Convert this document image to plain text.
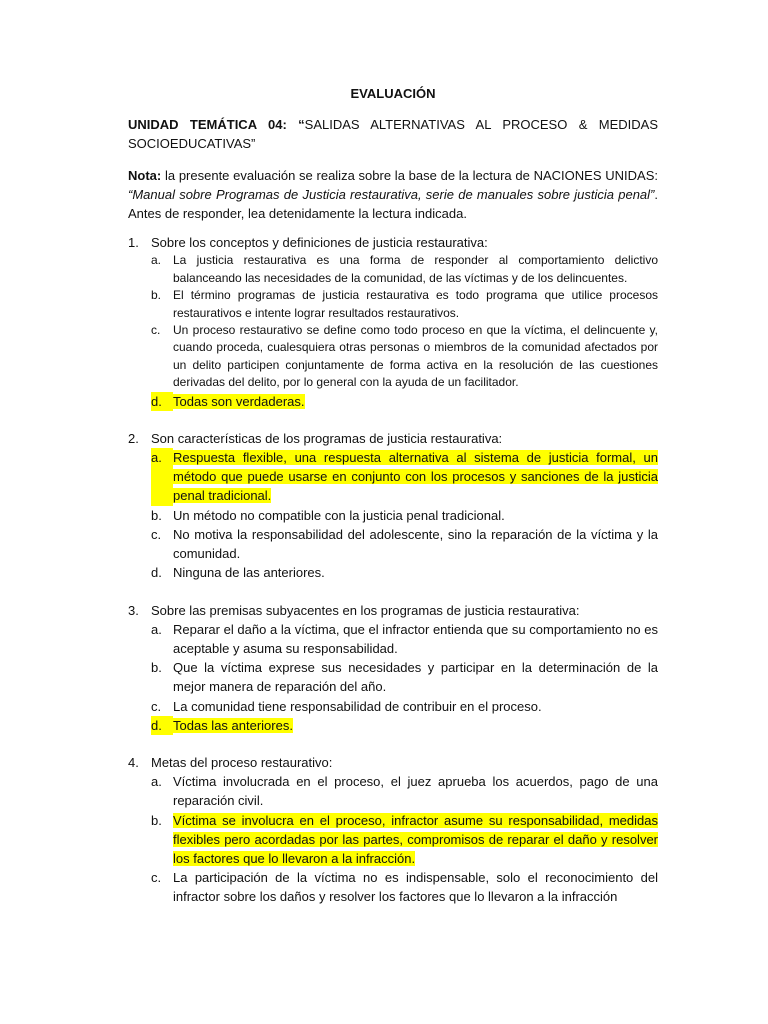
EVALUACIÓN
UNIDAD TEMÁTICA 04: “SALIDAS ALTERNATIVAS AL PROCESO & MEDIDAS SOCIOEDUCATIVAS”
Nota: la presente evaluación se realiza sobre la base de la lectura de NACIONES UNIDAS: “Manual sobre Programas de Justicia restaurativa, serie de manuales sobre justicia penal”. Antes de responder, lea detenidamente la lectura indicada.
1. Sobre los conceptos y definiciones de justicia restaurativa:
a. La justicia restaurativa es una forma de responder al comportamiento delictivo balanceando las necesidades de la comunidad, de las víctimas y de los delincuentes.
b. El término programas de justicia restaurativa es todo programa que utilice procesos restaurativos e intente lograr resultados restaurativos.
c.	Un proceso restaurativo se define como todo proceso en que la víctima, el delincuente y, cuando proceda, cualesquiera otras personas o miembros de la comunidad afectados por un delito participen conjuntamente de forma activa en la resolución de las cuestiones derivadas del delito, por lo general con la ayuda de un facilitador.
d. Todas son verdaderas.
2. Son características de los programas de justicia restaurativa:
a. Respuesta flexible, una respuesta alternativa al sistema de justicia formal, un método que puede usarse en conjunto con los procesos y sanciones de la justicia penal tradicional.
b. Un método no compatible con la justicia penal tradicional.
c. No motiva la responsabilidad del adolescente, sino la reparación de la víctima y la comunidad.
d. Ninguna de las anteriores.
3. Sobre las premisas subyacentes en los programas de justicia restaurativa:
a. Reparar el daño a la víctima, que el infractor entienda que su comportamiento no es aceptable y asuma su responsabilidad.
b. Que la víctima exprese sus necesidades y participar en la determinación de la mejor manera de reparación del año.
c. La comunidad tiene responsabilidad de contribuir en el proceso.
d. Todas las anteriores.
4. Metas del proceso restaurativo:
a. Víctima involucrada en el proceso, el juez aprueba los acuerdos, pago de una reparación civil.
b. Víctima se involucra en el proceso, infractor asume su responsabilidad, medidas flexibles pero acordadas por las partes, compromisos de reparar el daño y resolver los factores que lo llevaron a la infracción.
c. La participación de la víctima no es indispensable, solo el reconocimiento del infractor sobre los daños y resolver los factores que lo llevaron a la infracción
